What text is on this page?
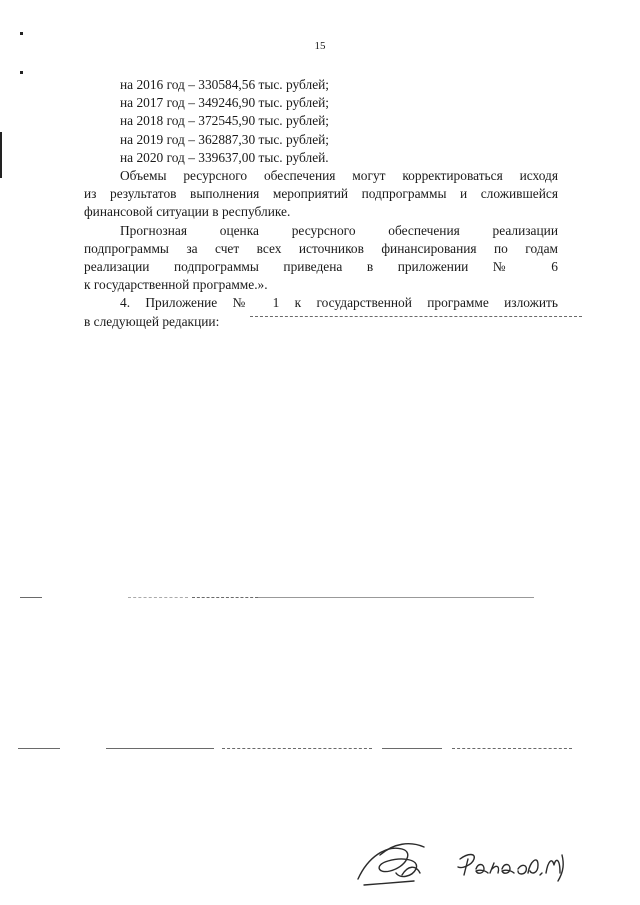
15
на 2016 год – 330584,56 тыс. рублей;
на 2017 год – 349246,90 тыс. рублей;
на 2018 год – 372545,90 тыс. рублей;
на 2019 год – 362887,30 тыс. рублей;
на 2020 год – 339637,00 тыс. рублей.
Объемы ресурсного обеспечения могут корректироваться исходя
из результатов выполнения мероприятий подпрограммы и сложившейся
финансовой ситуации в республике.
Прогнозная оценка ресурсного обеспечения реализации
подпрограммы за счет всех источников финансирования по годам
реализации подпрограммы приведена в приложении № 6
к государственной программе.».
4. Приложение № 1 к государственной программе изложить
в следующей редакции:
